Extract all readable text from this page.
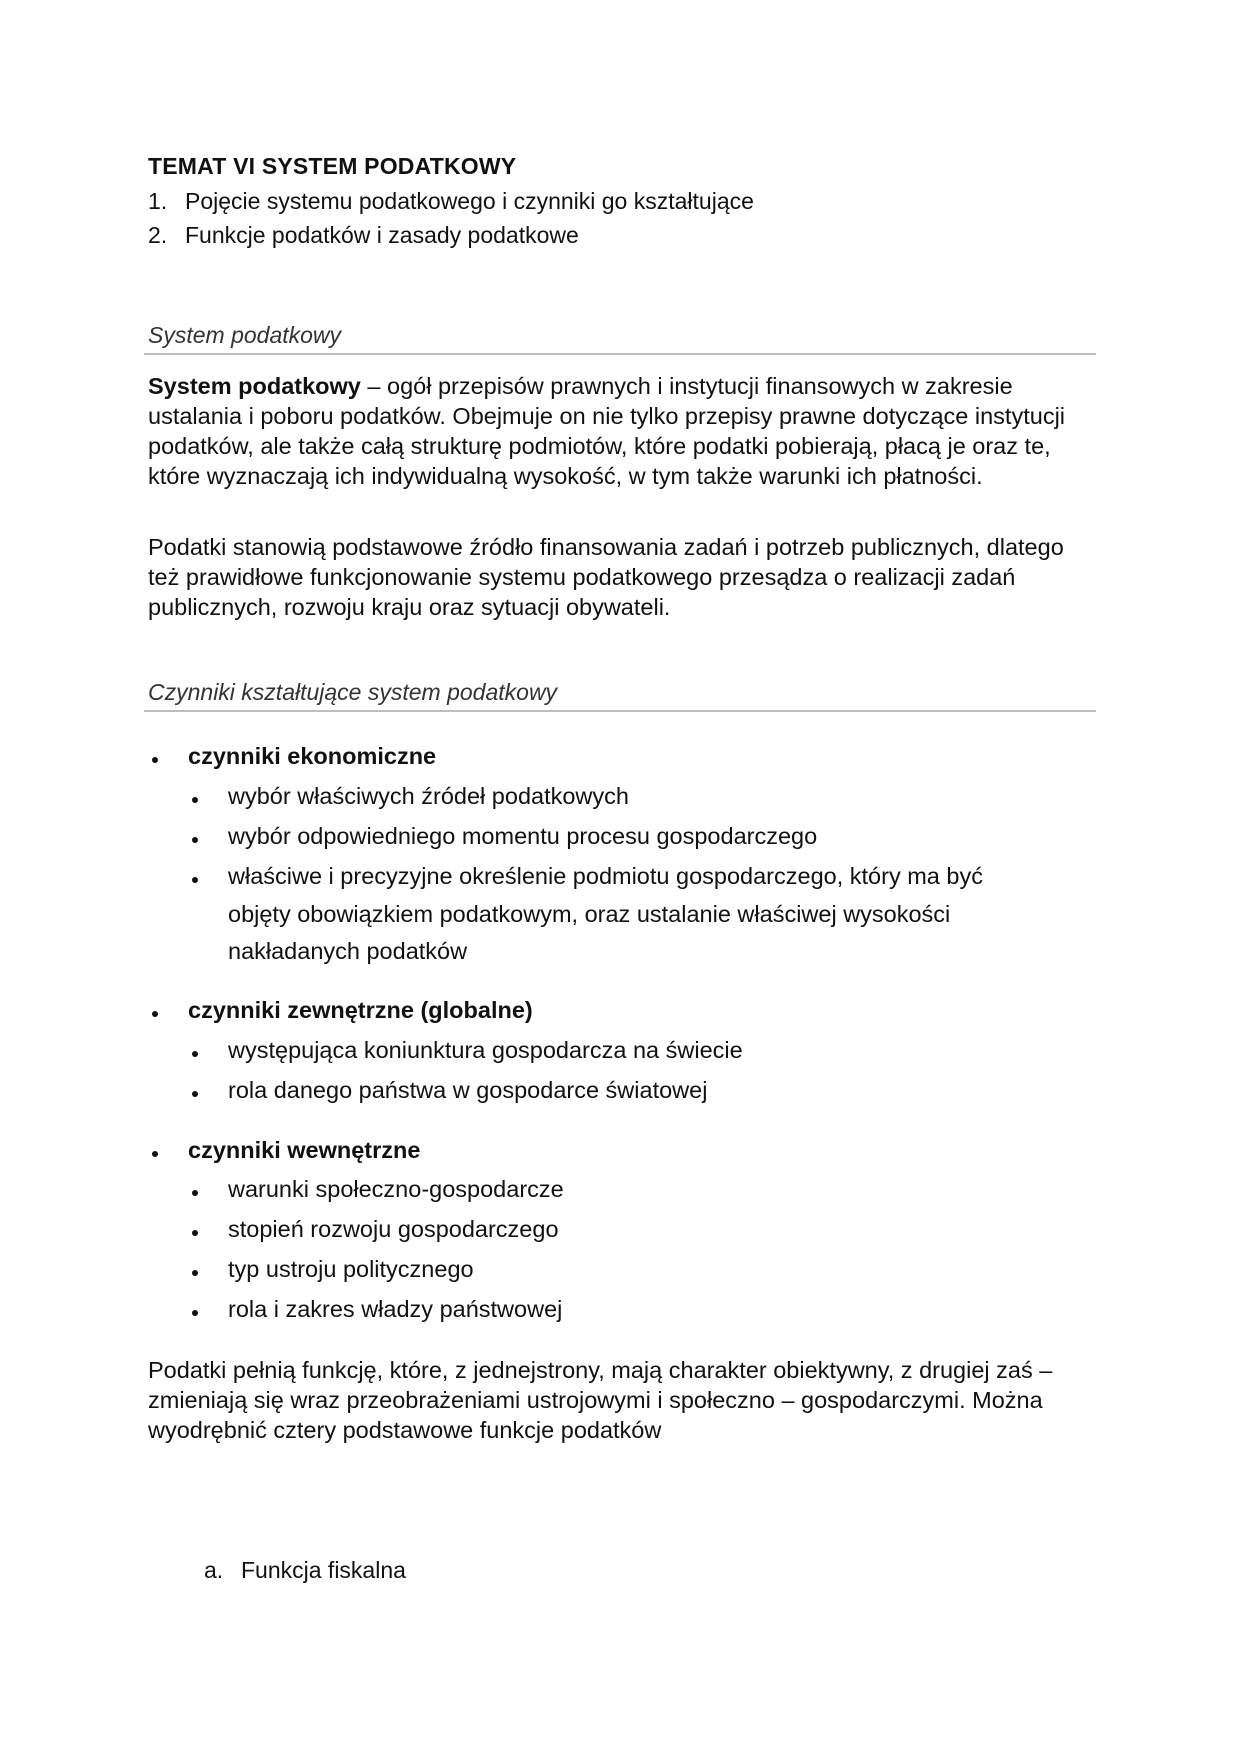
TEMAT VI SYSTEM PODATKOWY
1. Pojęcie systemu podatkowego i czynniki go kształtujące
2. Funkcje podatków i zasady podatkowe
System podatkowy
System podatkowy – ogół przepisów prawnych i instytucji finansowych w zakresie ustalania i poboru podatków. Obejmuje on nie tylko przepisy prawne dotyczące instytucji podatków, ale także całą strukturę podmiotów, które podatki pobierają, płacą je oraz te, które wyznaczają ich indywidualną wysokość, w tym także warunki ich płatności.
Podatki stanowią podstawowe źródło finansowania zadań i potrzeb publicznych, dlatego też prawidłowe funkcjonowanie systemu podatkowego przesądza o realizacji zadań publicznych, rozwoju kraju oraz sytuacji obywateli.
Czynniki kształtujące system podatkowy
czynniki ekonomiczne
wybór właściwych źródeł podatkowych
wybór odpowiedniego momentu procesu gospodarczego
właściwe i precyzyjne określenie podmiotu gospodarczego, który ma być objęty obowiązkiem podatkowym, oraz ustalanie właściwej wysokości nakładanych podatków
czynniki zewnętrzne (globalne)
występująca koniunktura gospodarcza na świecie
rola danego państwa w gospodarce światowej
czynniki wewnętrzne
warunki społeczno-gospodarcze
stopień rozwoju gospodarczego
typ ustroju politycznego
rola i zakres władzy państwowej
Podatki pełnią funkcję, które, z jednejstrony, mają charakter obiektywny, z drugiej zaś – zmieniają się wraz przeobrażeniami ustrojowymi i społeczno – gospodarczymi. Można wyodrębnić cztery podstawowe funkcje podatków
a. Funkcja fiskalna
